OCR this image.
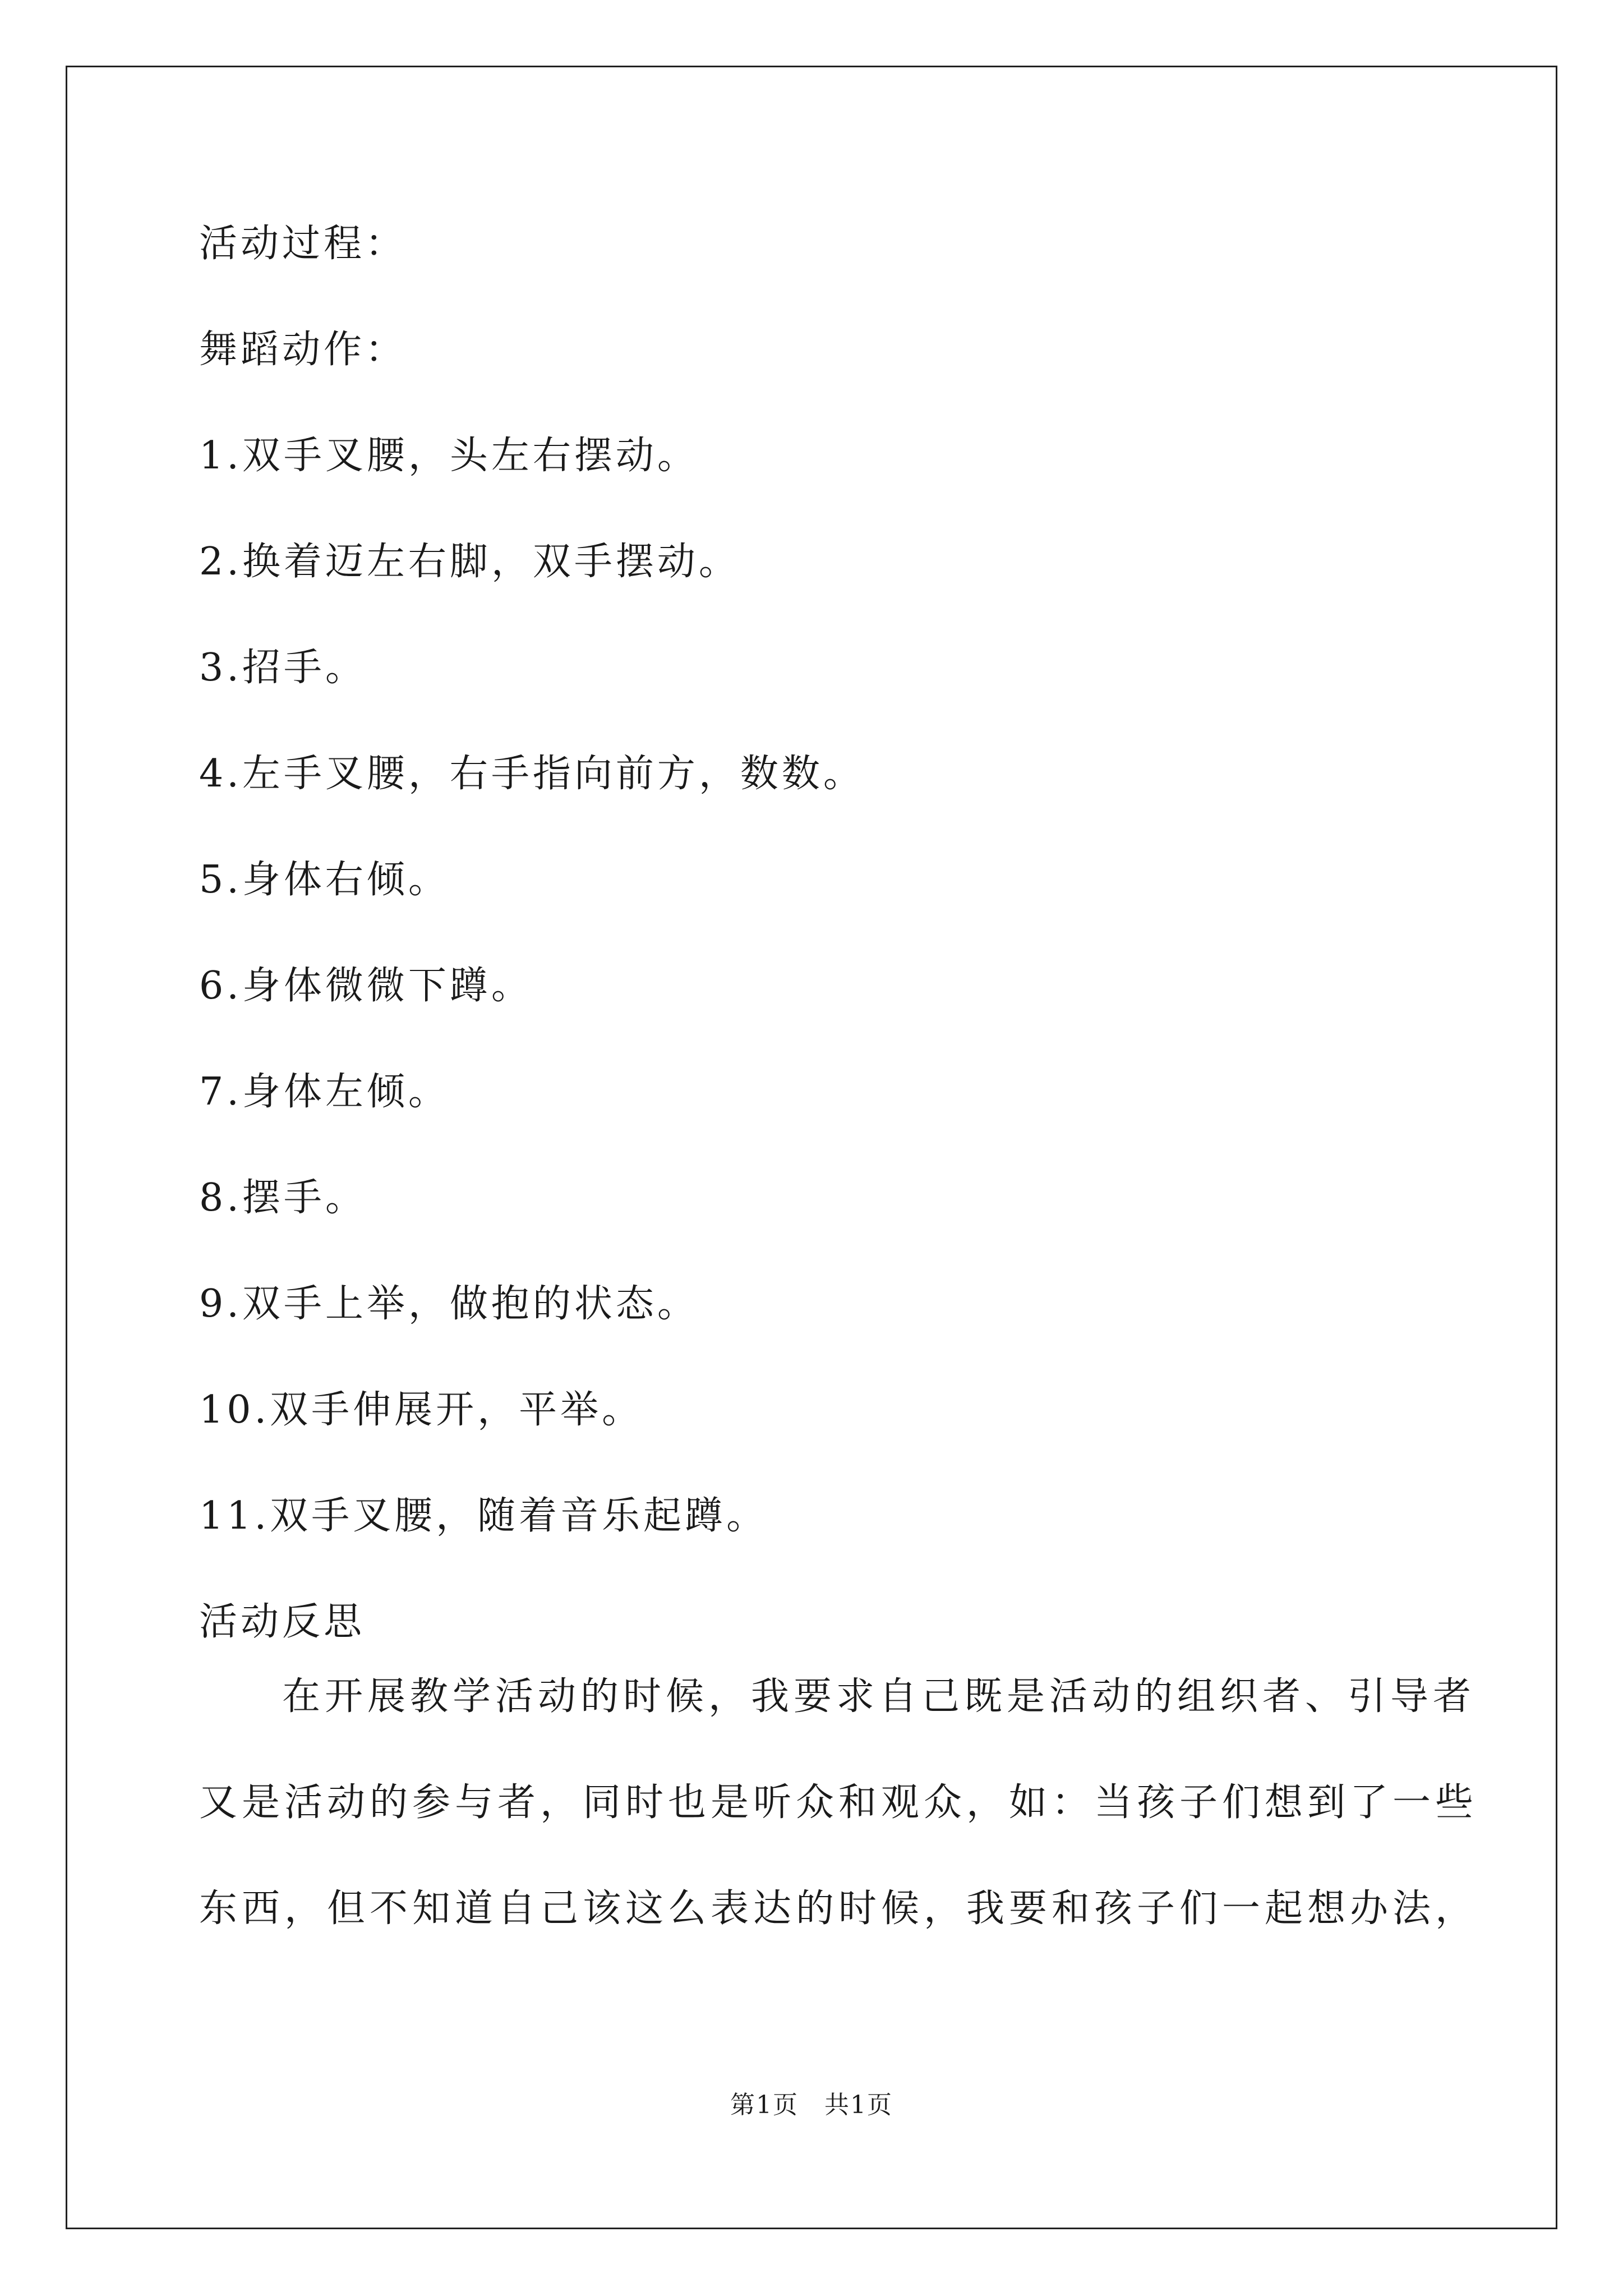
活动过程：
舞蹈动作：
1.双手叉腰，头左右摆动。
2.换着迈左右脚，双手摆动。
3.招手。
4.左手叉腰，右手指向前方，数数。
5.身体右倾。
6.身体微微下蹲。
7.身体左倾。
8.摆手。
9.双手上举，做抱的状态。
10.双手伸展开，平举。
11.双手叉腰，随着音乐起蹲。
活动反思
在开展教学活动的时候，我要求自己既是活动的组织者、引导者
又是活动的参与者，同时也是听众和观众，如：当孩子们想到了一些
东西，但不知道自己该这么表达的时候，我要和孩子们一起想办法，
第1页　共1页
